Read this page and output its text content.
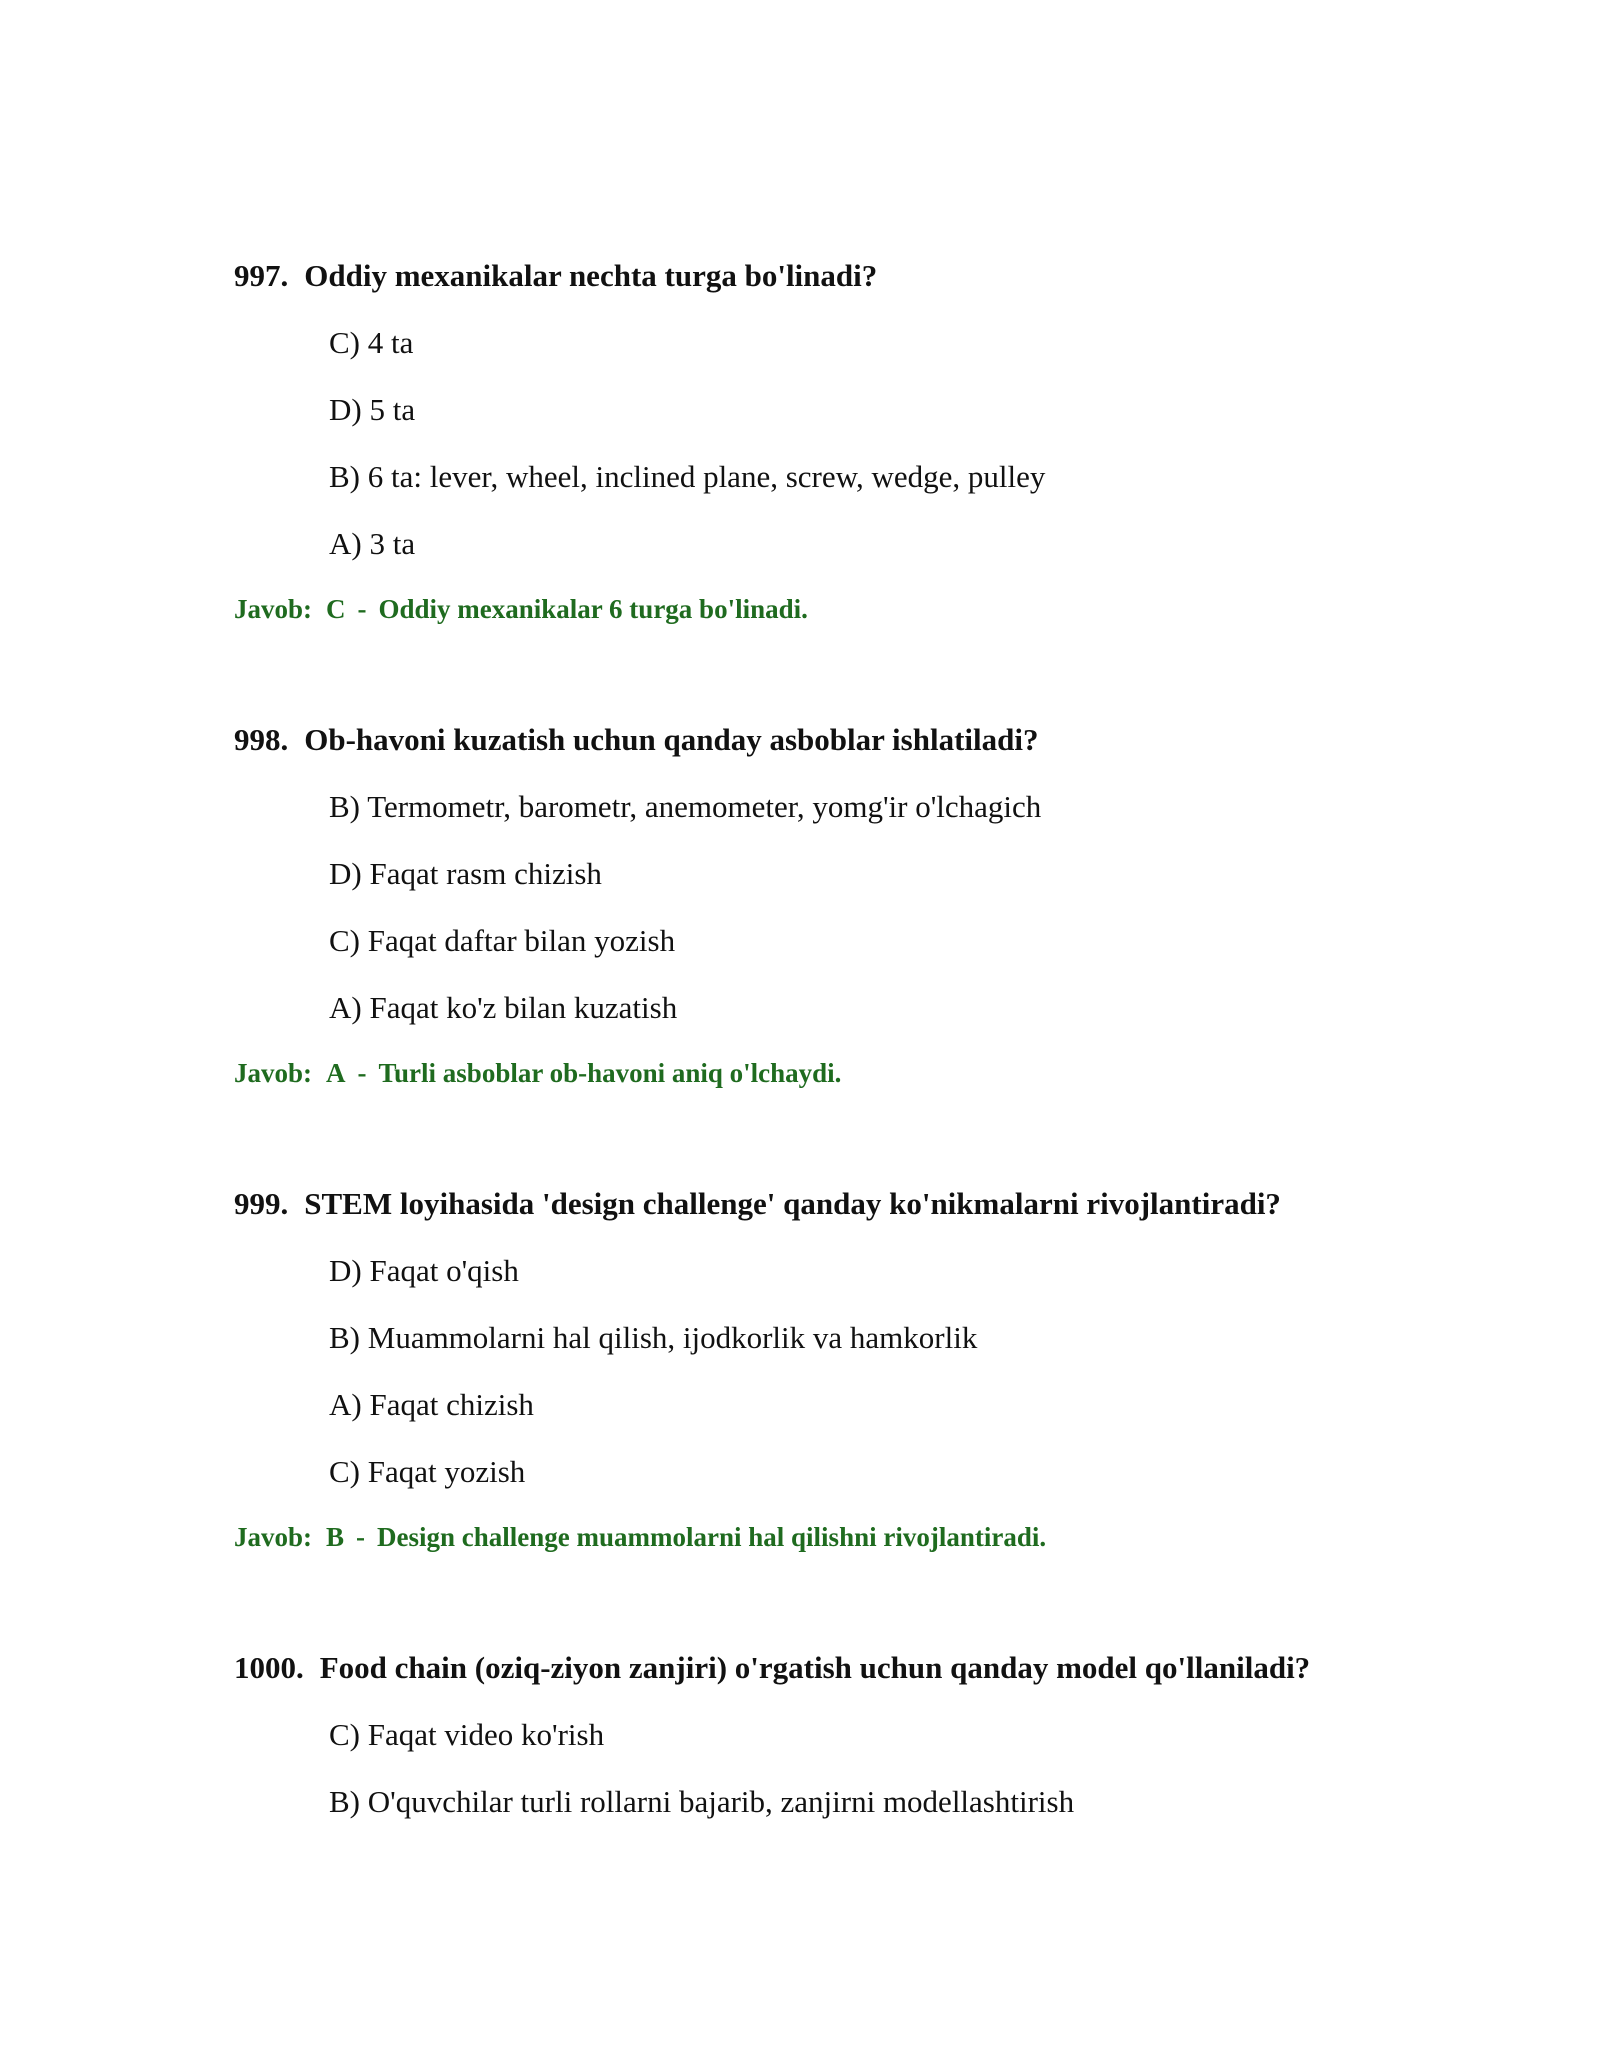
997. Oddiy mexanikalar nechta turga bo'linadi?

C) 4 ta
D) 5 ta
B) 6 ta: lever, wheel, inclined plane, screw, wedge, pulley
A) 3 ta
Javob: C - Oddiy mexanikalar 6 turga bo'linadi.

998. Ob-havoni kuzatish uchun qanday asboblar ishlatiladi?

B) Termometr, barometr, anemometer, yomg'ir o'lchagich
D) Faqat rasm chizish
C) Faqat daftar bilan yozish
A) Faqat ko'z bilan kuzatish
Javob: A - Turli asboblar ob-havoni aniq o'lchaydi.

999. STEM loyihasida 'design challenge' qanday ko'nikmalarni rivojlantiradi?

D) Faqat o'qish
B) Muammolarni hal qilish, ijodkorlik va hamkorlik
A) Faqat chizish
C) Faqat yozish
Javob: B - Design challenge muammolarni hal qilishni rivojlantiradi.

1000. Food chain (oziq-ziyon zanjiri) o'rgatish uchun qanday model qo'llaniladi?

C) Faqat video ko'rish
B) O'quvchilar turli rollarni bajarib, zanjirni modellashtirish
